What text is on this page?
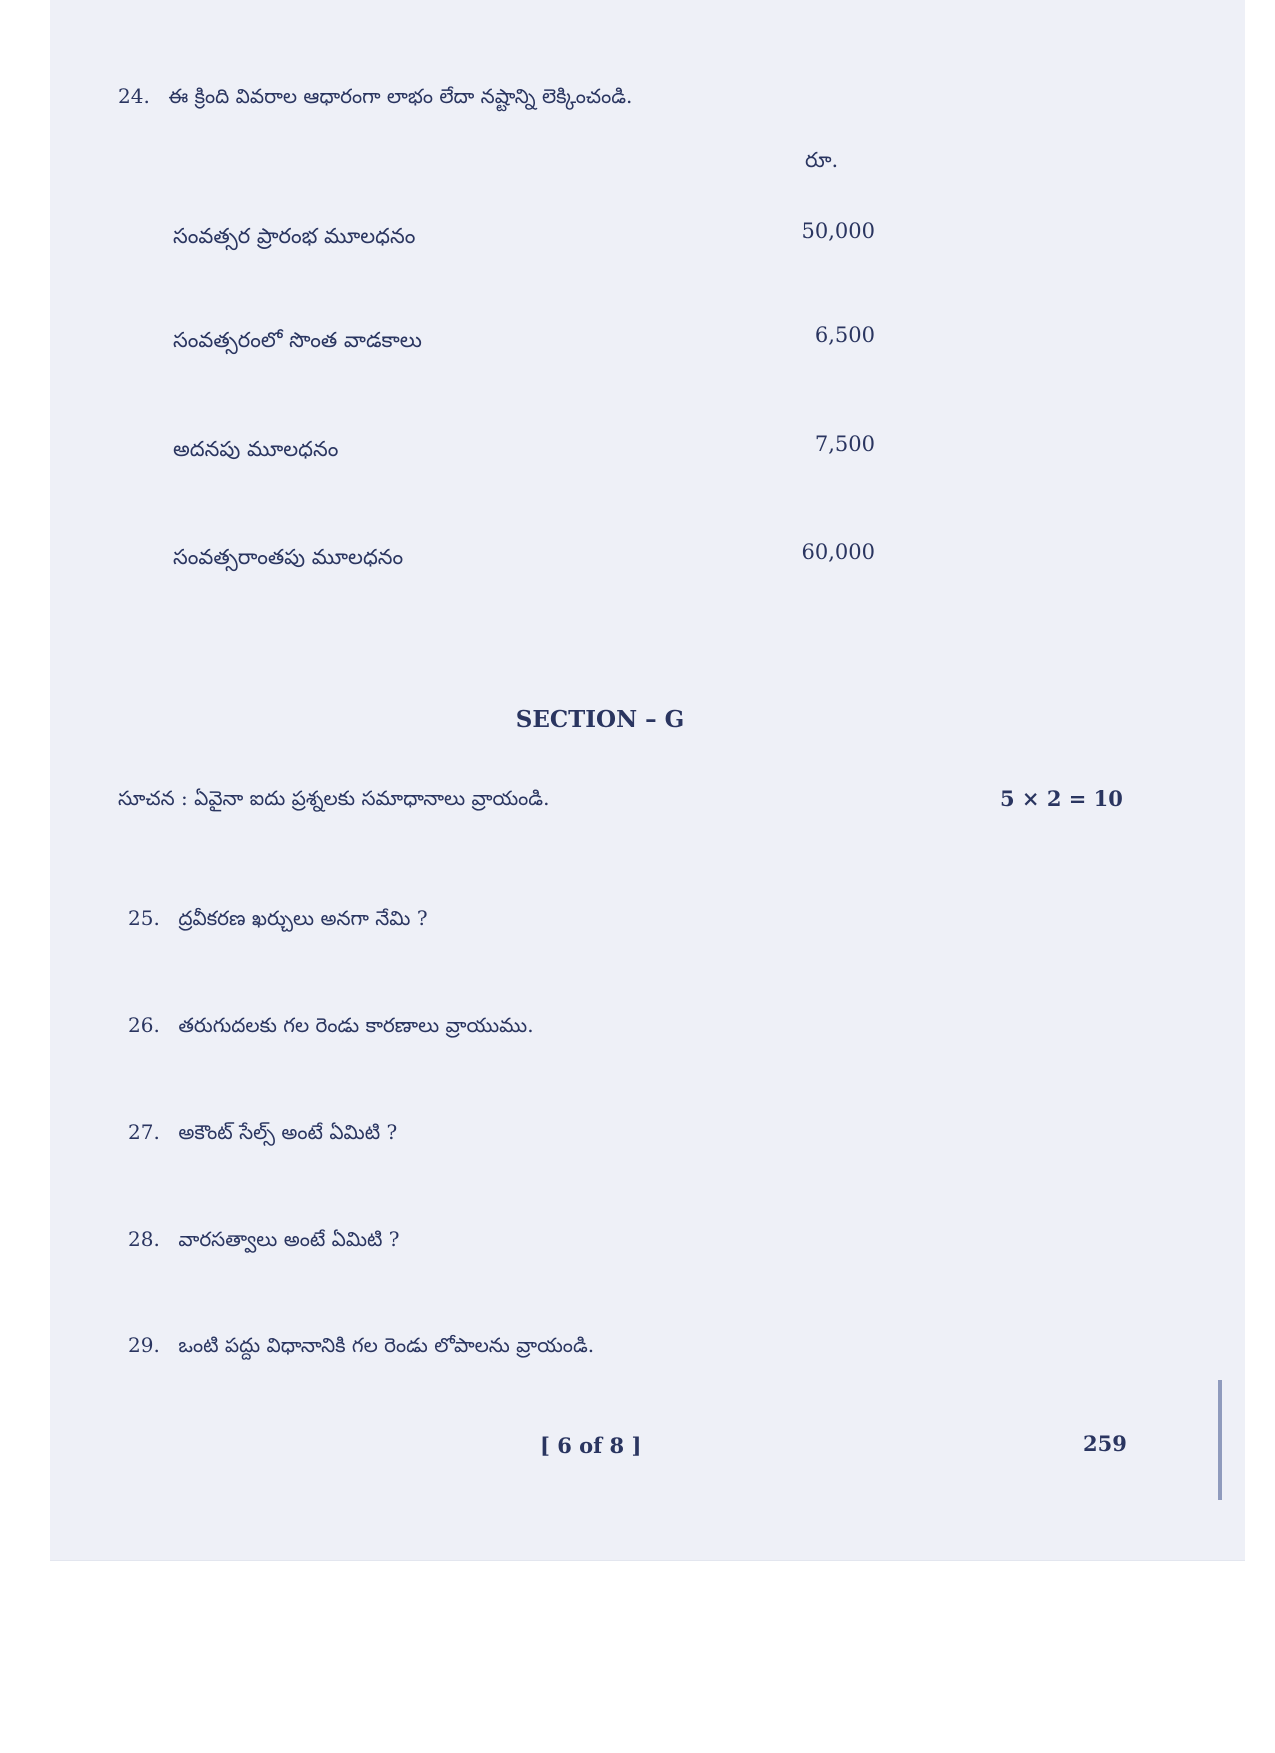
24. ఈ క్రింది వివరాల ఆధారంగా లాభం లేదా నష్టాన్ని లెక్కించండి.
రూ.
సంవత్సర ప్రారంభ మూలధనం	50,000
సంవత్సరంలో సొంత వాడకాలు	6,500
అదనపు మూలధనం	7,500
సంవత్సరాంతపు మూలధనం	60,000
SECTION – G
సూచన : ఏవైనా ఐదు ప్రశ్నలకు సమాధానాలు వ్రాయండి.	5 × 2 = 10
25. ద్రవీకరణ ఖర్చులు అనగా నేమి ?
26. తరుగుదలకు గల రెండు కారణాలు వ్రాయుము.
27. అకౌంట్ సేల్స్ అంటే ఏమిటి ?
28. వారసత్వాలు అంటే ఏమిటి ?
29. ఒంటి పద్దు విధానానికి గల రెండు లోపాలను వ్రాయండి.
[ 6 of 8 ]	259
